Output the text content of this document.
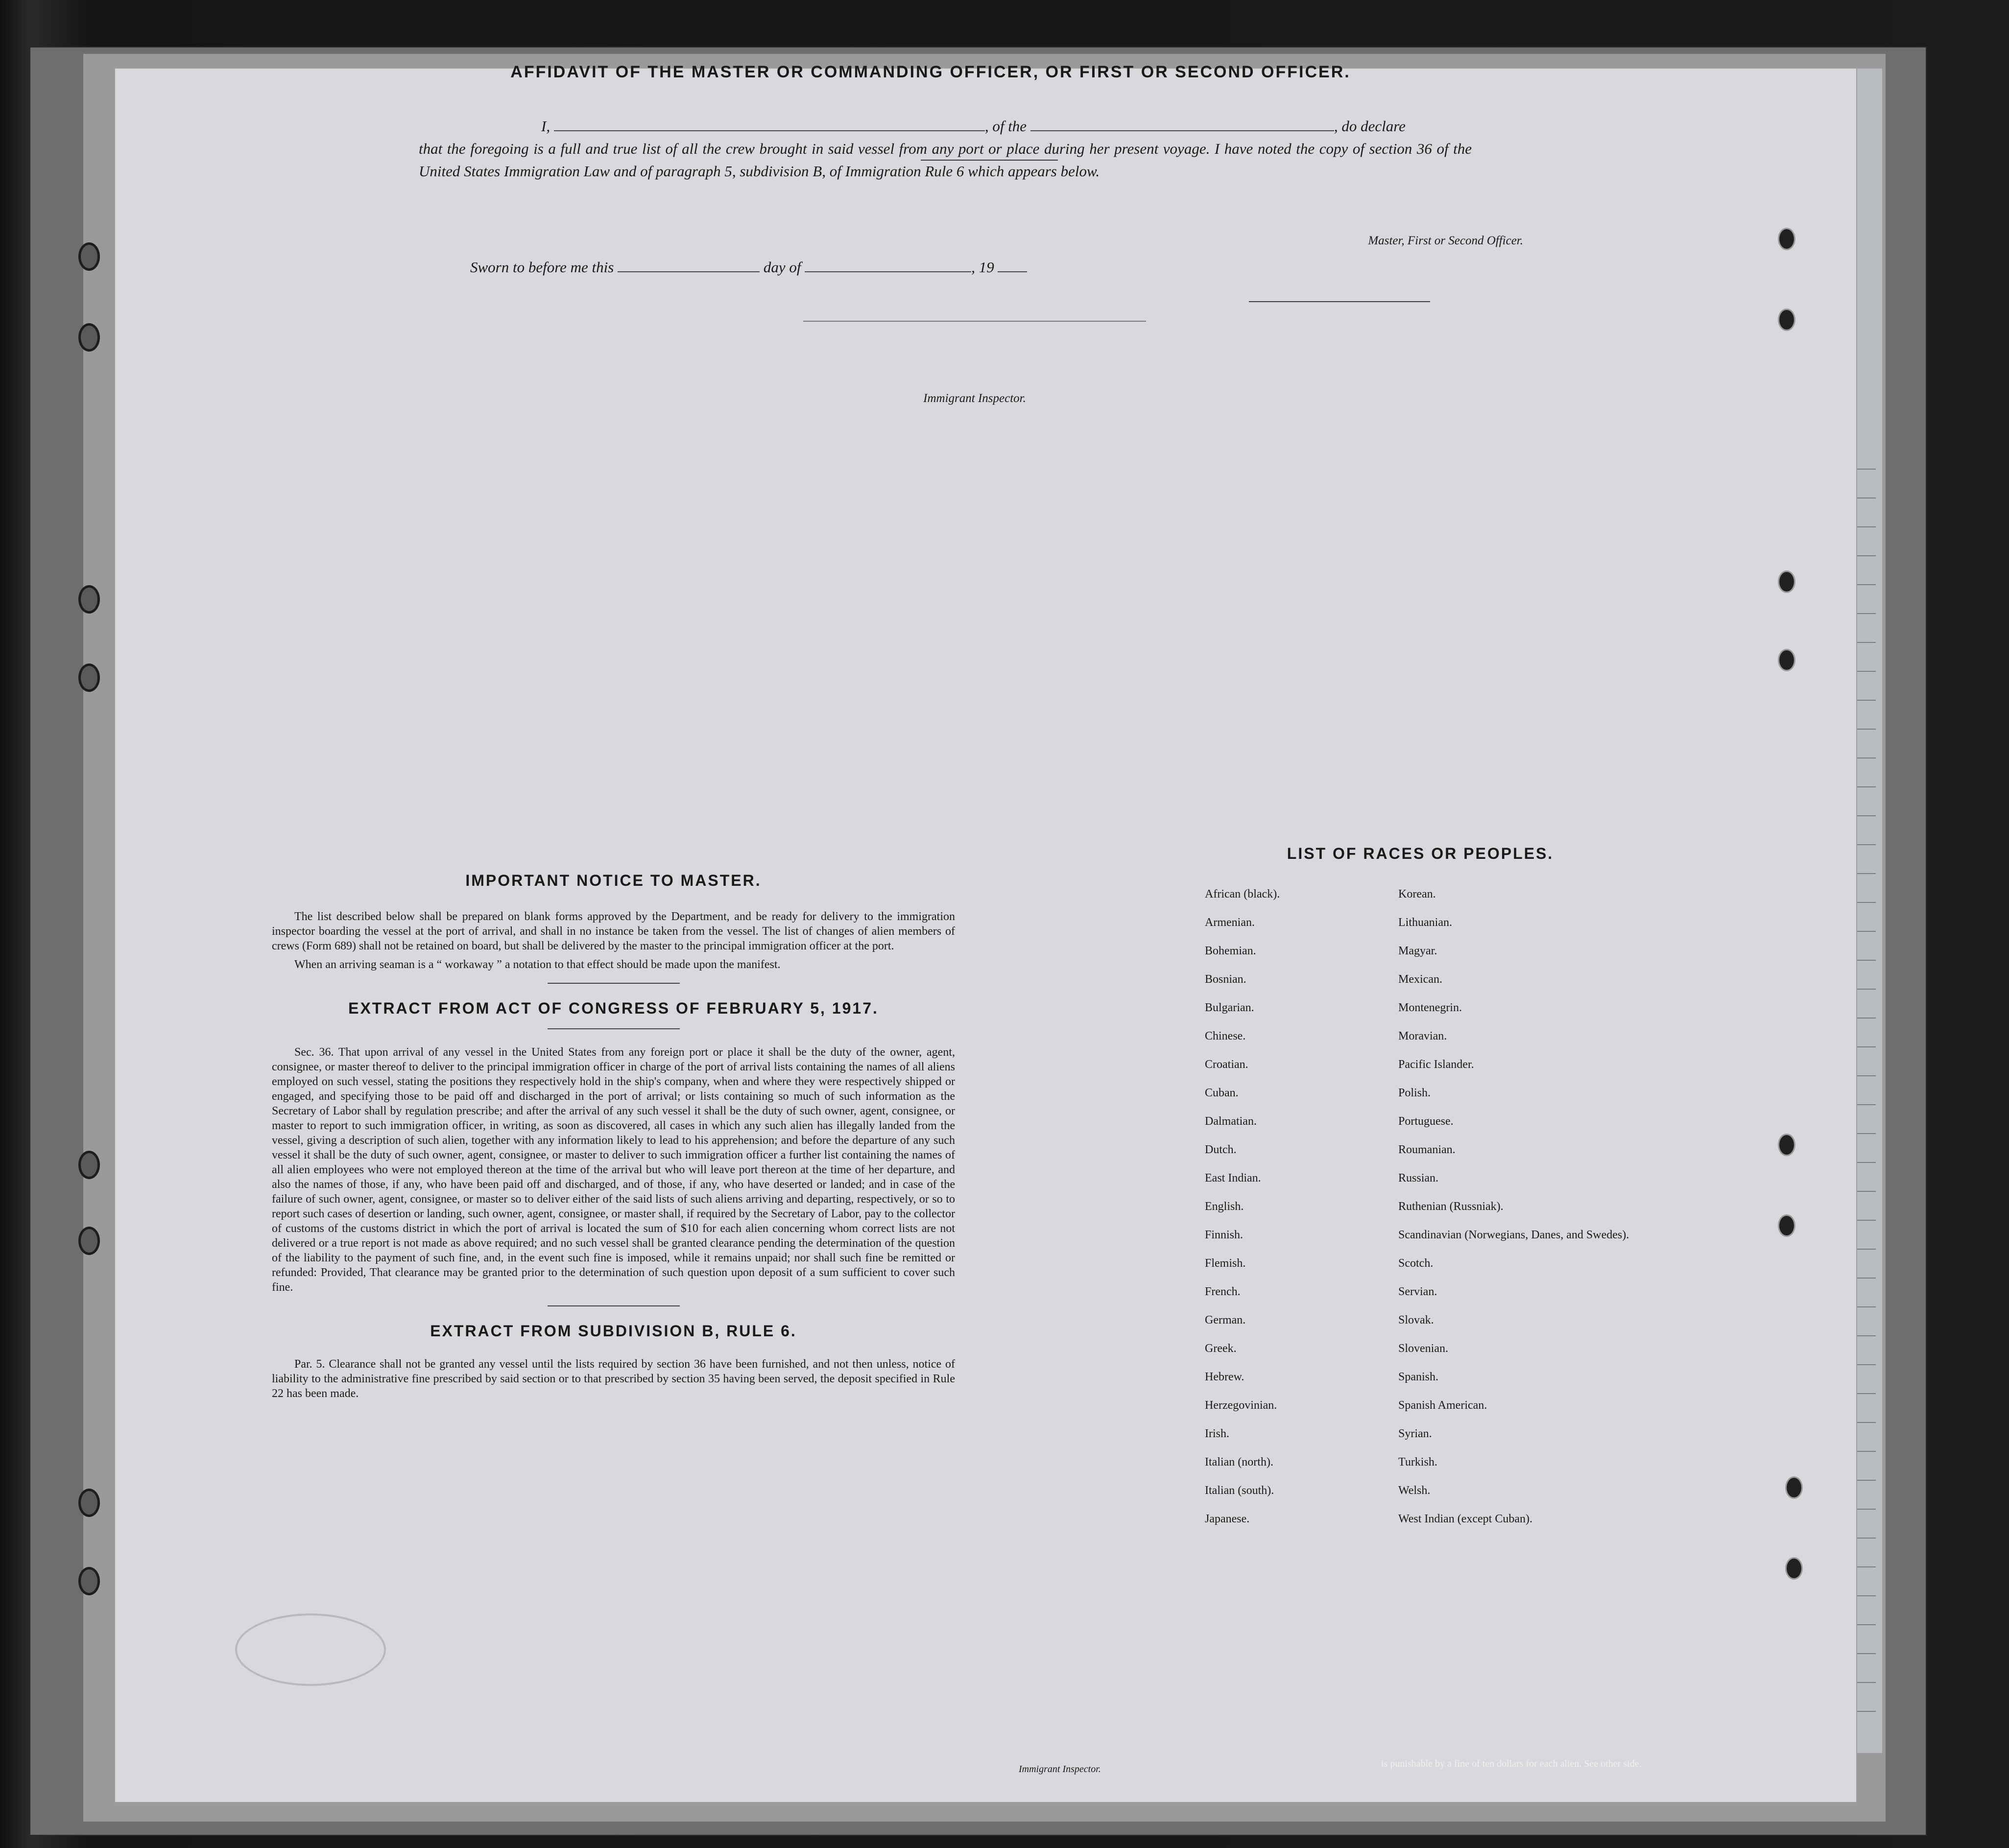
AFFIDAVIT OF THE MASTER OR COMMANDING OFFICER, OR FIRST OR SECOND OFFICER.

I,	, of the	, do declare

that the foregoing is a full and true list of all the crew brought in said vessel from any port or place during her present voyage. I have noted the copy of section 36 of the United States Immigration Law and of paragraph 5, subdivision B, of Immigration Rule 6 which appears below.

Master, First or Second Officer.
Sworn to before me this	day of	, 19
Immigrant Inspector.

IMPORTANT NOTICE TO MASTER.

The list described below shall be prepared on blank forms approved by the Department, and be ready for delivery to the immigration inspector boarding the vessel at the port of arrival, and shall in no instance be taken from the vessel. The list of changes of alien members of crews (Form 689) shall not be retained on board, but shall be delivered by the master to the principal immigration officer at the port.

When an arriving seaman is a “ workaway ” a notation to that effect should be made upon the manifest.

EXTRACT FROM ACT OF CONGRESS OF FEBRUARY 5, 1917.

Sec. 36. That upon arrival of any vessel in the United States from any foreign port or place it shall be the duty of the owner, agent, consignee, or master thereof to deliver to the principal immigration officer in charge of the port of arrival lists containing the names of all aliens employed on such vessel, stating the positions they respectively hold in the ship's company, when and where they were respectively shipped or engaged, and specifying those to be paid off and discharged in the port of arrival; or lists containing so much of such information as the Secretary of Labor shall by regulation prescribe; and after the arrival of any such vessel it shall be the duty of such owner, agent, consignee, or master to report to such immigration officer, in writing, as soon as discovered, all cases in which any such alien has illegally landed from the vessel, giving a description of such alien, together with any information likely to lead to his apprehension; and before the departure of any such vessel it shall be the duty of such owner, agent, consignee, or master to deliver to such immigration officer a further list containing the names of all alien employees who were not employed thereon at the time of the arrival but who will leave port thereon at the time of her departure, and also the names of those, if any, who have been paid off and discharged, and of those, if any, who have deserted or landed; and in case of the failure of such owner, agent, consignee, or master so to deliver either of the said lists of such aliens arriving and departing, respectively, or so to report such cases of desertion or landing, such owner, agent, consignee, or master shall, if required by the Secretary of Labor, pay to the collector of customs of the customs district in which the port of arrival is located the sum of $10 for each alien concerning whom correct lists are not delivered or a true report is not made as above required; and no such vessel shall be granted clearance pending the determination of the question of the liability to the payment of such fine, and, in the event such fine is imposed, while it remains unpaid; nor shall such fine be remitted or refunded: Provided, That clearance may be granted prior to the determination of such question upon deposit of a sum sufficient to cover such fine.

EXTRACT FROM SUBDIVISION B, RULE 6.

Par. 5. Clearance shall not be granted any vessel until the lists required by section 36 have been furnished, and not then unless, notice of liability to the administrative fine prescribed by said section or to that prescribed by section 35 having been served, the deposit specified in Rule 22 has been made.

LIST OF RACES OR PEOPLES.
African (black).	Korean.
Armenian.	Lithuanian.
Bohemian.	Magyar.
Bosnian.	Mexican.
Bulgarian.	Montenegrin.
Chinese.	Moravian.
Croatian.	Pacific Islander.
Cuban.	Polish.
Dalmatian.	Portuguese.
Dutch.	Roumanian.
East Indian.	Russian.
English.	Ruthenian (Russniak).
Finnish.	Scandinavian (Norwegians, Danes, and Swedes).
Flemish.	Scotch.
French.	Servian.
German.	Slovak.
Greek.	Slovenian.
Hebrew.	Spanish.
Herzegovinian.	Spanish American.
Irish.	Syrian.
Italian (north).	Turkish.
Italian (south).	Welsh.
Japanese.	West Indian (except Cuban).
Immigrant Inspector.	is punishable by a fine of ten dollars for each alien. See other side.
